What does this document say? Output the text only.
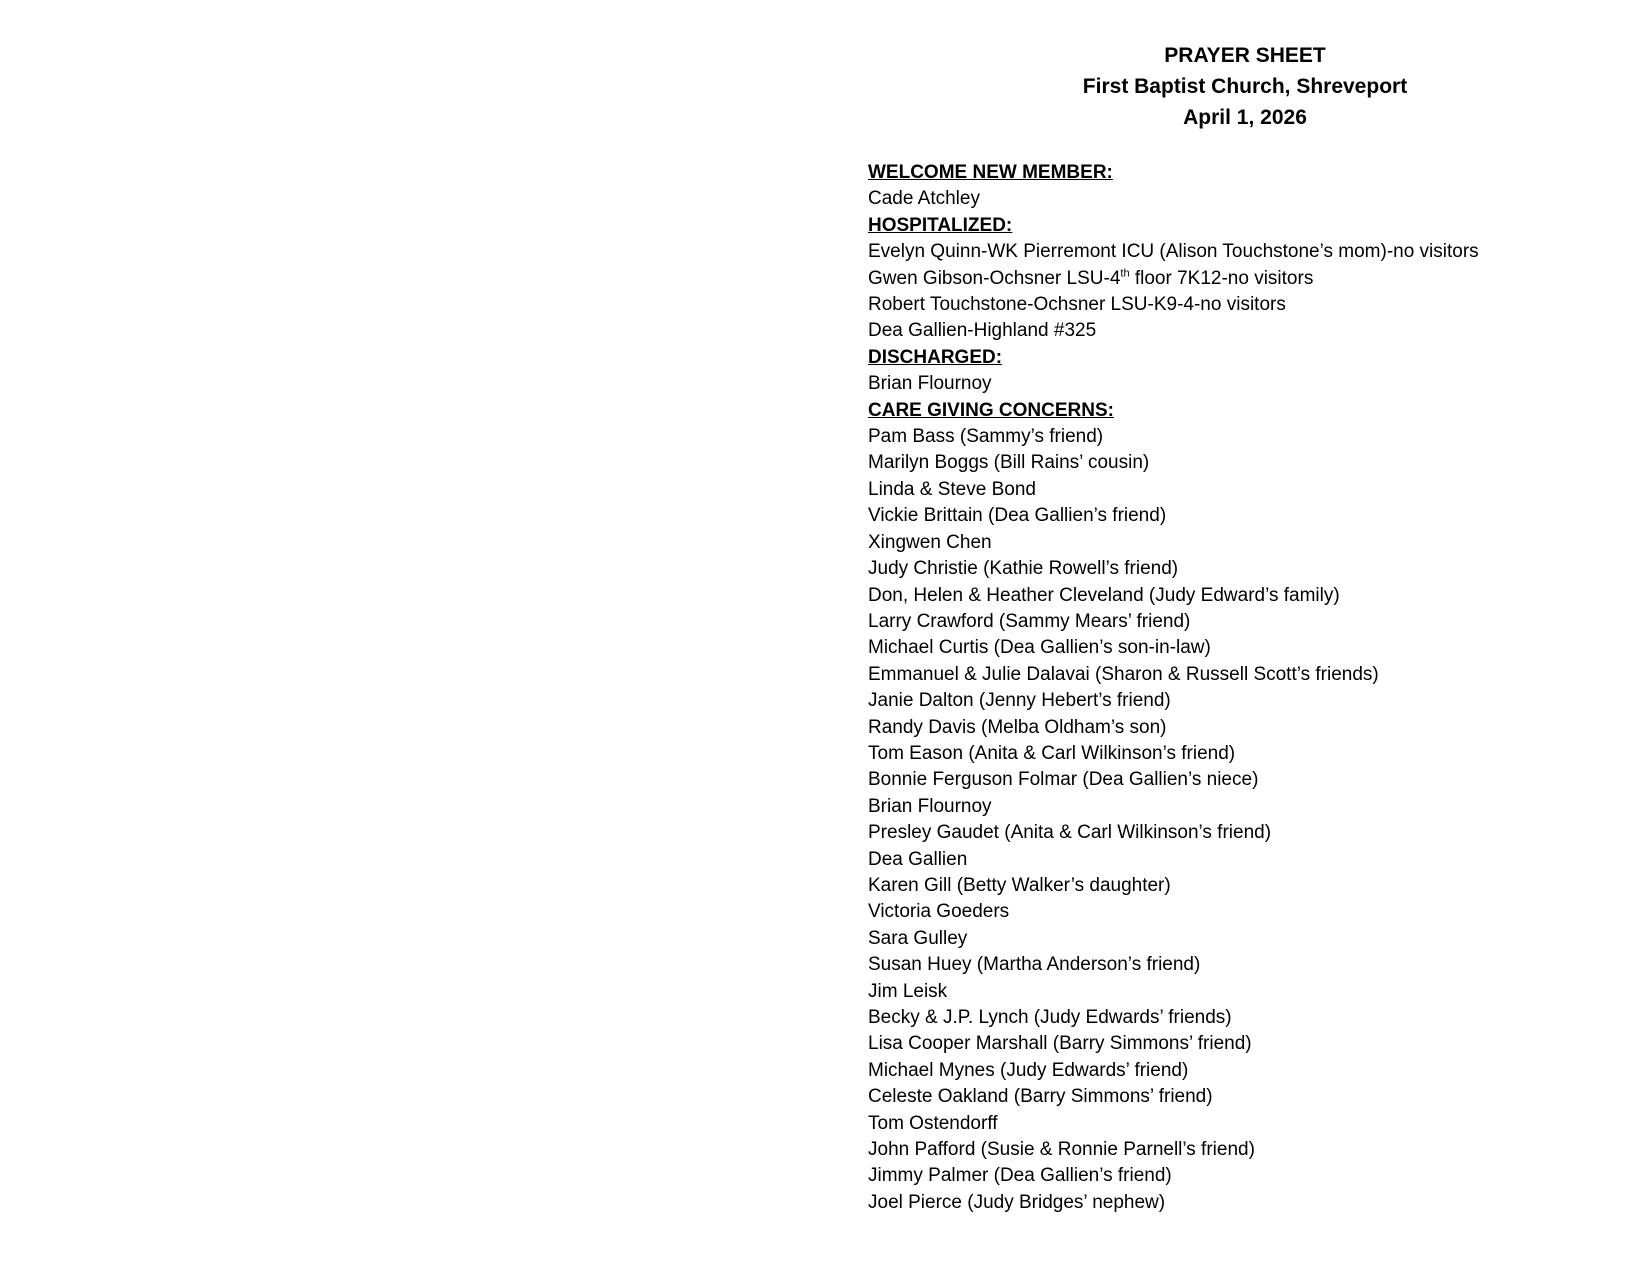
PRAYER SHEET
First Baptist Church, Shreveport
April 1, 2026
WELCOME NEW MEMBER:
Cade Atchley
HOSPITALIZED:
Evelyn Quinn-WK Pierremont ICU (Alison Touchstone’s mom)-no visitors
Gwen Gibson-Ochsner LSU-4th floor 7K12-no visitors
Robert Touchstone-Ochsner LSU-K9-4-no visitors
Dea Gallien-Highland #325
DISCHARGED:
Brian Flournoy
CARE GIVING CONCERNS:
Pam Bass (Sammy’s friend)
Marilyn Boggs (Bill Rains’ cousin)
Linda & Steve Bond
Vickie Brittain (Dea Gallien’s friend)
Xingwen Chen
Judy Christie (Kathie Rowell’s friend)
Don, Helen & Heather Cleveland (Judy Edward’s family)
Larry Crawford (Sammy Mears’ friend)
Michael Curtis (Dea Gallien’s son-in-law)
Emmanuel & Julie Dalavai (Sharon & Russell Scott’s friends)
Janie Dalton (Jenny Hebert’s friend)
Randy Davis (Melba Oldham’s son)
Tom Eason (Anita & Carl Wilkinson’s friend)
Bonnie Ferguson Folmar (Dea Gallien’s niece)
Brian Flournoy
Presley Gaudet (Anita & Carl Wilkinson’s friend)
Dea Gallien
Karen Gill (Betty Walker’s daughter)
Victoria Goeders
Sara Gulley
Susan Huey (Martha Anderson’s friend)
Jim Leisk
Becky & J.P. Lynch (Judy Edwards’ friends)
Lisa Cooper Marshall (Barry Simmons’ friend)
Michael Mynes (Judy Edwards’ friend)
Celeste Oakland (Barry Simmons’ friend)
Tom Ostendorff
John Pafford (Susie & Ronnie Parnell’s friend)
Jimmy Palmer (Dea Gallien’s friend)
Joel Pierce (Judy Bridges’ nephew)
